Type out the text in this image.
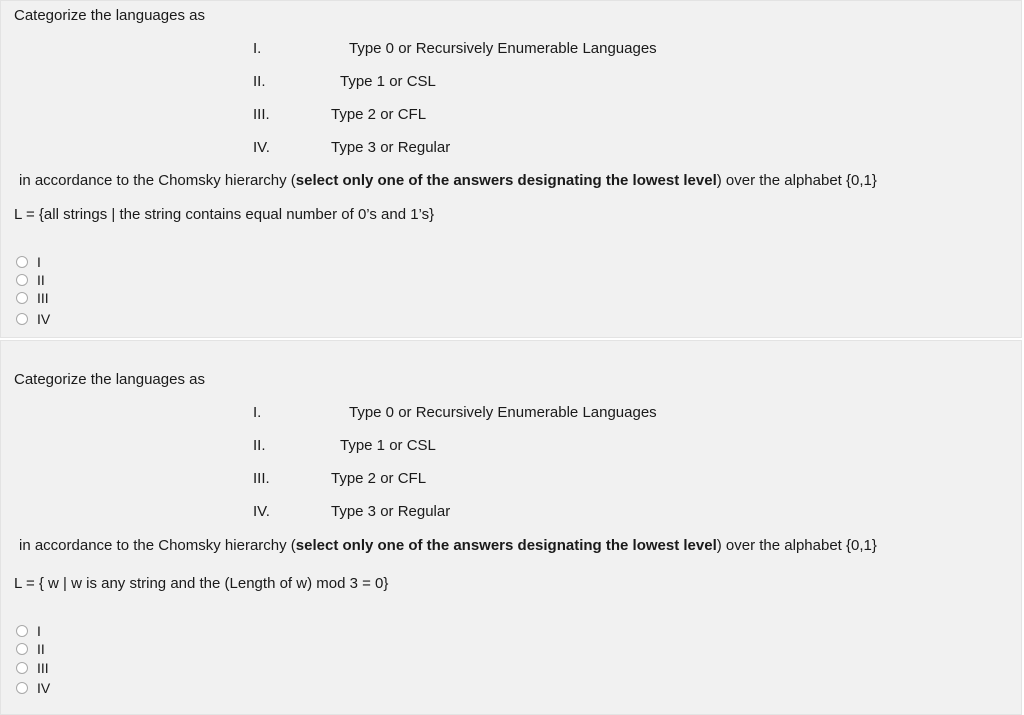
Categorize the languages as
I.	Type 0 or Recursively Enumerable Languages
II.	Type 1 or CSL
III.	Type 2 or CFL
IV.	Type 3 or Regular
in accordance to the Chomsky hierarchy (select only one of the answers designating the lowest level) over the alphabet {0,1}
L = {all strings | the string contains equal number of 0’s and 1’s}
I
II
III
IV
Categorize the languages as
I.	Type 0 or Recursively Enumerable Languages
II.	Type 1 or CSL
III.	Type 2 or CFL
IV.	Type 3 or Regular
in accordance to the Chomsky hierarchy (select only one of the answers designating the lowest level) over the alphabet {0,1}
L = { w | w is any string and the (Length of w) mod 3 = 0}
I
II
III
IV
